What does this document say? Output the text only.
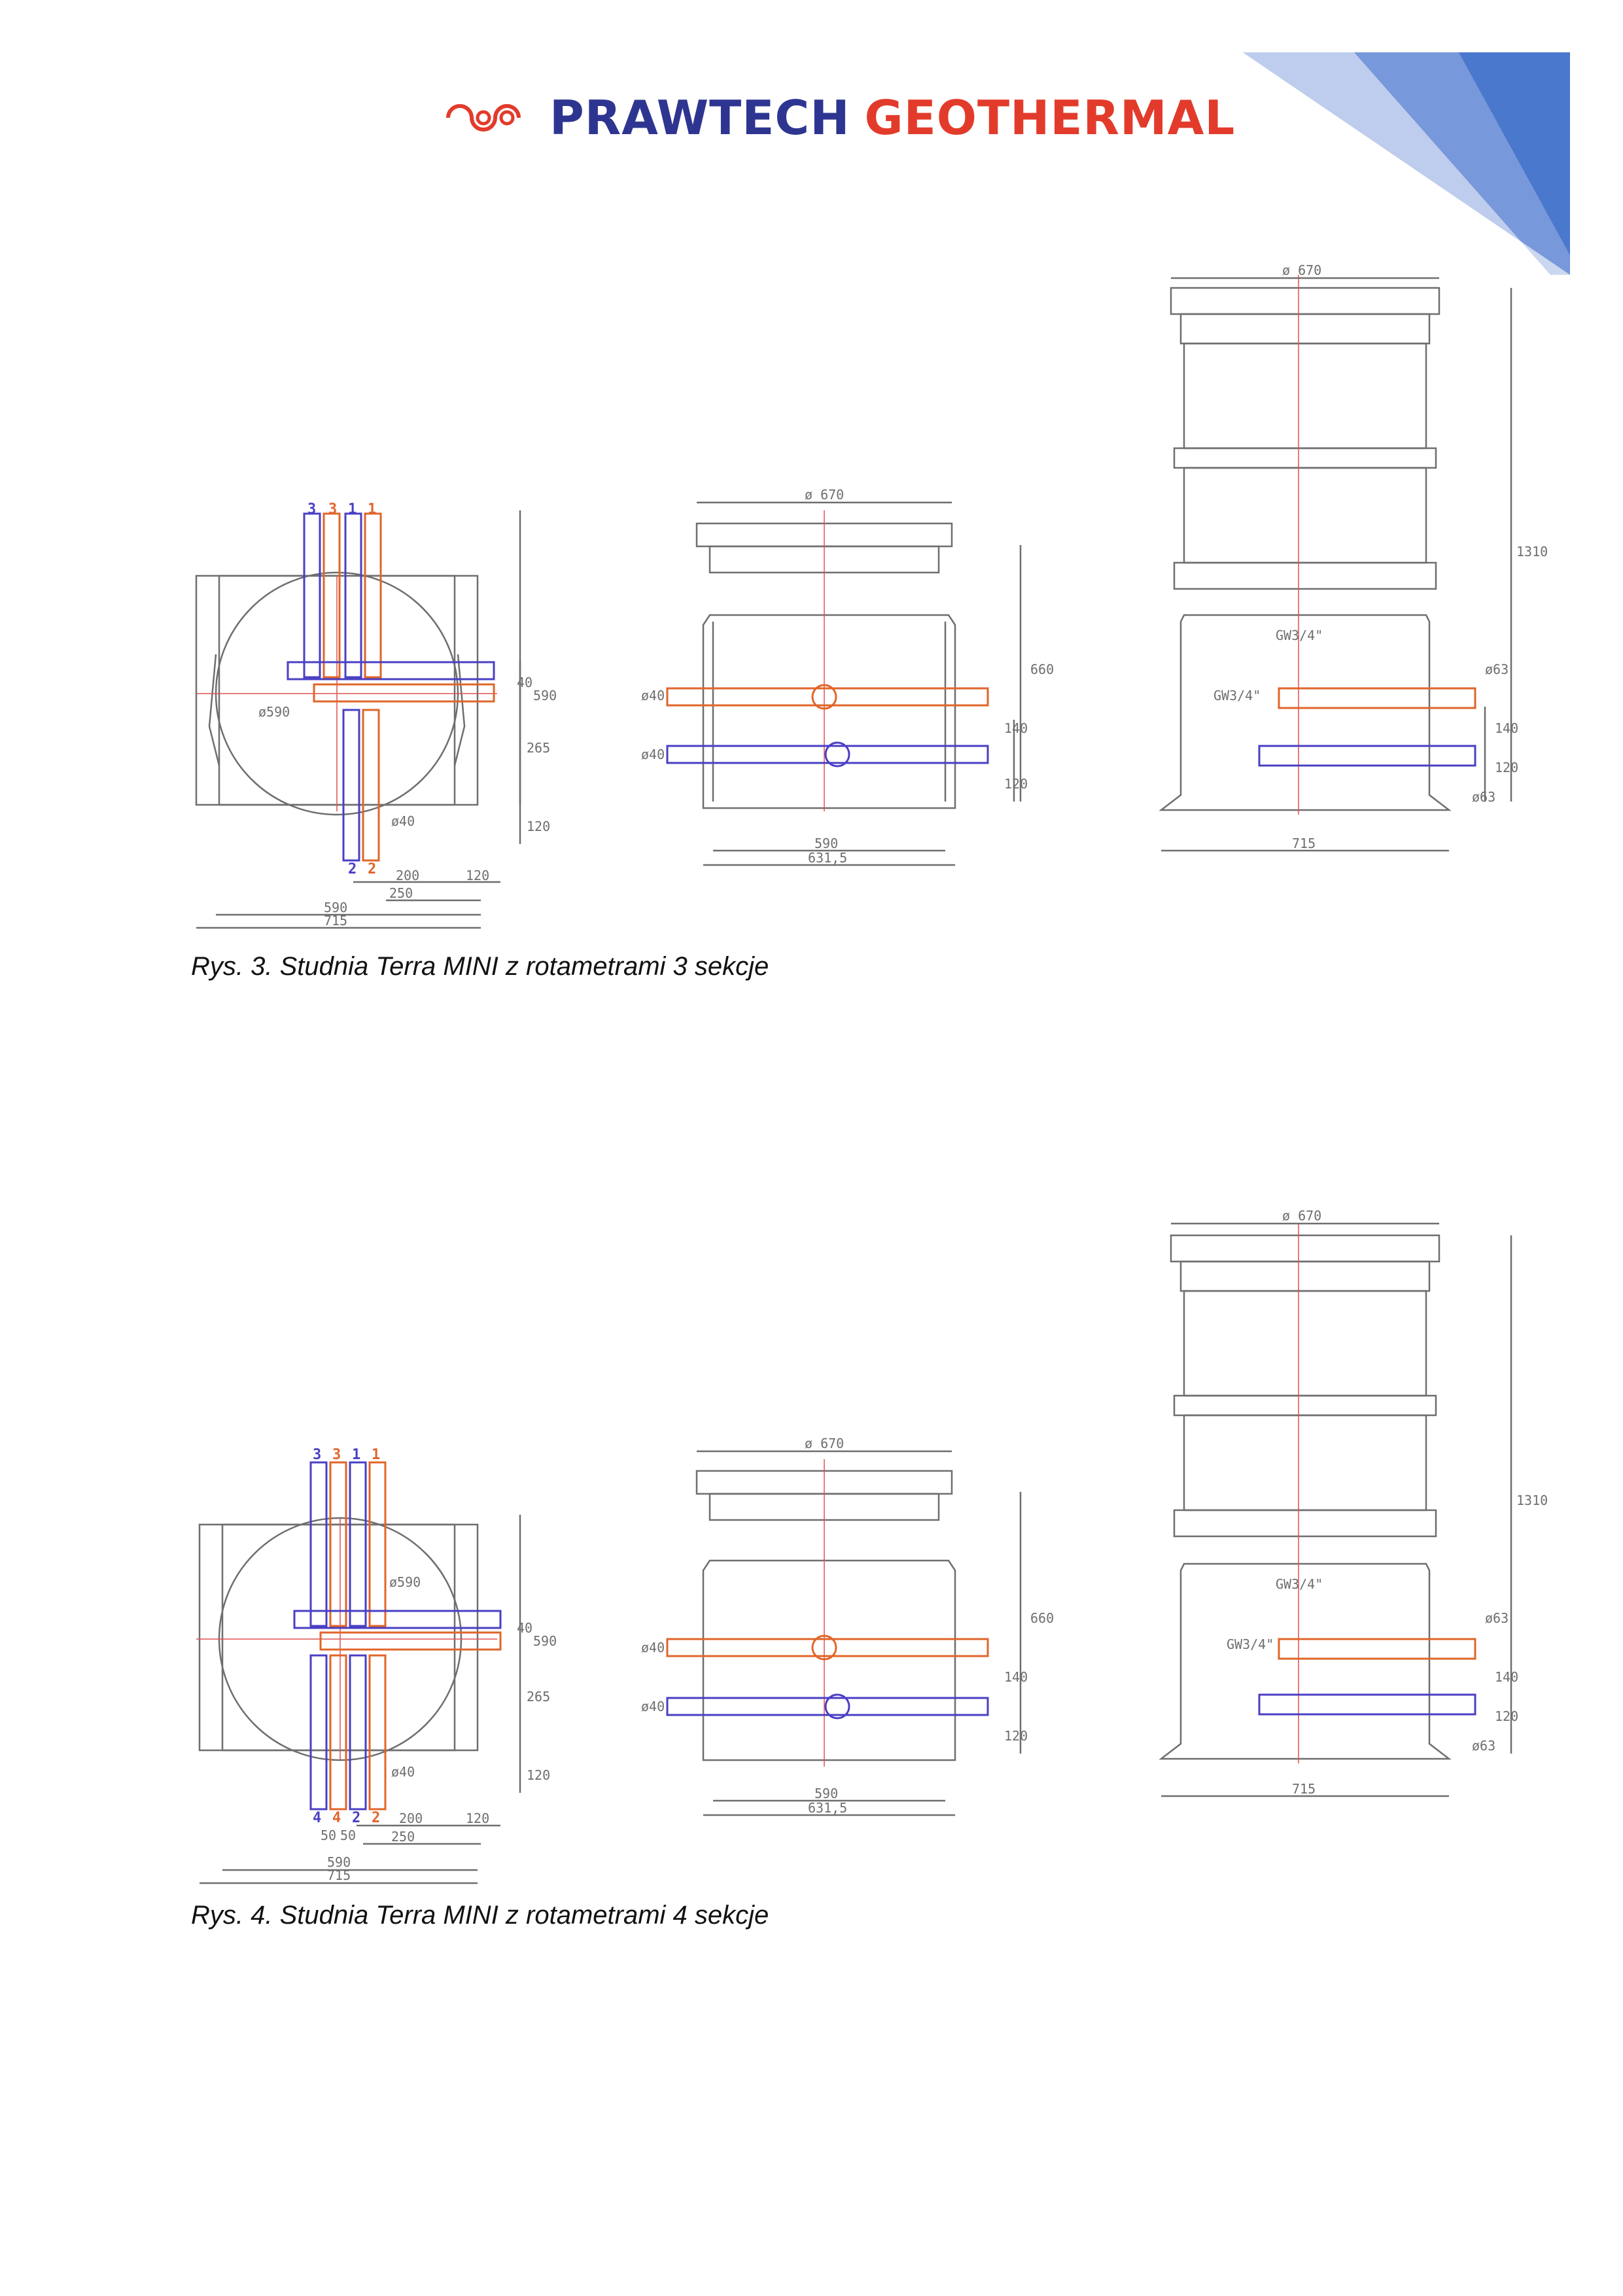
PRAWTECH GEOTHERMAL
3 3 1 1
2 2
590
265
120
ø590
ø40
200	120
250
590
715
40
ø 670
660
140
120
590
631,5
ø40
ø40
ø 670
1310
ø63
140
120
ø63
GW3/4"
GW3/4"
715
Rys. 3. Studnia Terra MINI z rotametrami 3 sekcje
3 3 1 1
4 4 2 2
590
265
120
ø590
ø40
200	120
50 50	250
590
715
40
ø 670
660
140
120
590
631,5
ø40
ø40
ø 670
1310
ø63
140
120
ø63
GW3/4"
GW3/4"
715
Rys. 4. Studnia Terra MINI z rotametrami 4 sekcje
